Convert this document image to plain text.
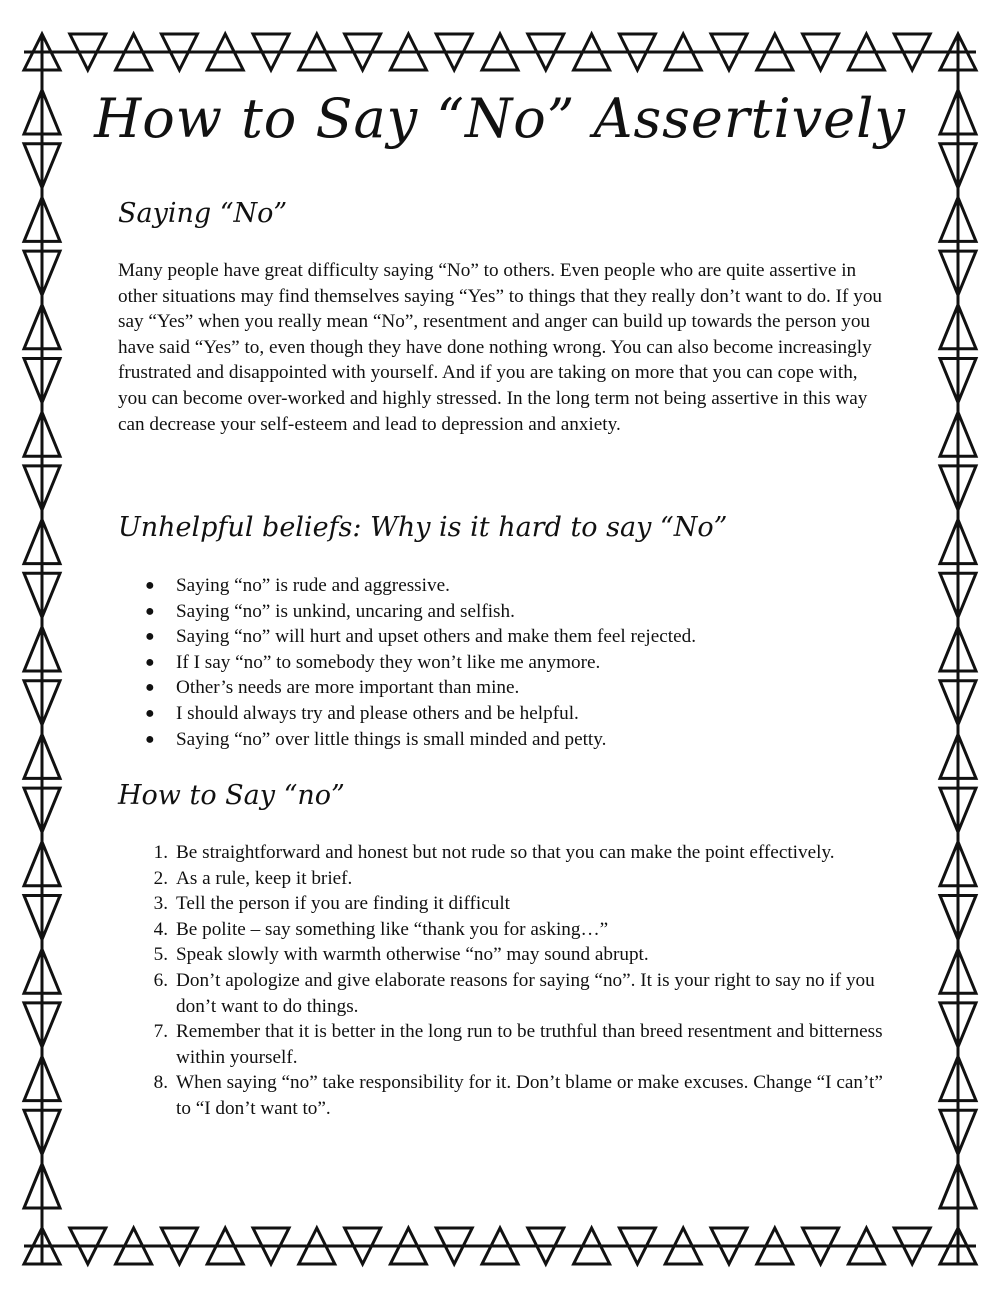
How to Say “No” Assertively
Saying “No”

Many people have great difficulty saying “No” to others. Even people who are quite assertive in other situations may find themselves saying “Yes” to things that they really don’t want to do. If you say “Yes” when you really mean “No”, resentment and anger can build up towards the person you have said “Yes” to, even though they have done nothing wrong. You can also become increasingly frustrated and disappointed with yourself. And if you are taking on more that you can cope with, you can become over-worked and highly stressed. In the long term not being assertive in this way can decrease your self-esteem and lead to depression and anxiety.

Unhelpful beliefs: Why is it hard to say “No”
● Saying “no” is rude and aggressive.
● Saying “no” is unkind, uncaring and selfish.
● Saying “no” will hurt and upset others and make them feel rejected.
● If I say “no” to somebody they won’t like me anymore.
● Other’s needs are more important than mine.
● I should always try and please others and be helpful.
● Saying “no” over little things is small minded and petty.
How to Say “no”
1. Be straightforward and honest but not rude so that you can make the point effectively.
2. As a rule, keep it brief.
3. Tell the person if you are finding it difficult
4. Be polite – say something like “thank you for asking…”
5. Speak slowly with warmth otherwise “no” may sound abrupt.
6. Don’t apologize and give elaborate reasons for saying “no”. It is your right to say no if you don’t want to do things.
7. Remember that it is better in the long run to be truthful than breed resentment and bitterness within yourself.
8. When saying “no” take responsibility for it. Don’t blame or make excuses. Change “I can’t” to “I don’t want to”.
